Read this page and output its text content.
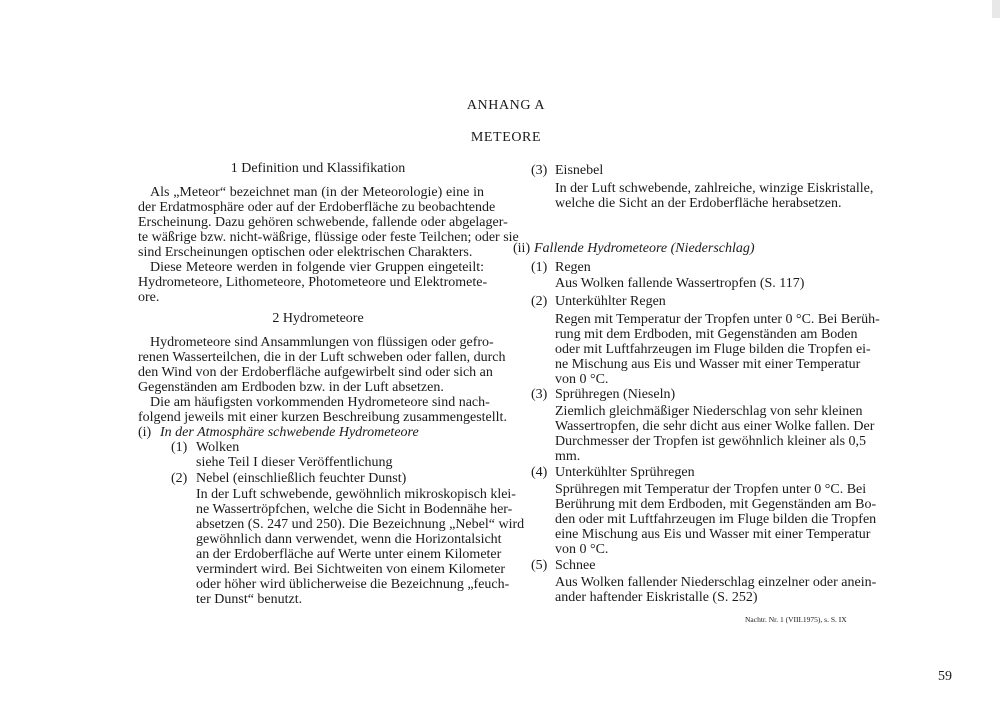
ANHANG A
METEORE
1 Definition und Klassifikation
Als „Meteor“ bezeichnet man (in der Meteorologie) eine in
der Erdatmosphäre oder auf der Erdoberfläche zu beobachtende
Erscheinung. Dazu gehören schwebende, fallende oder abgelager-
te wäßrige bzw. nicht-wäßrige, flüssige oder feste Teilchen; oder sie
sind Erscheinungen optischen oder elektrischen Charakters.
Diese Meteore werden in folgende vier Gruppen eingeteilt:
Hydrometeore, Lithometeore, Photometeore und Elektromete-
ore.
2 Hydrometeore
Hydrometeore sind Ansammlungen von flüssigen oder gefro-
renen Wasserteilchen, die in der Luft schweben oder fallen, durch
den Wind von der Erdoberfläche aufgewirbelt sind oder sich an
Gegenständen am Erdboden bzw. in der Luft absetzen.
Die am häufigsten vorkommenden Hydrometeore sind nach-
folgend jeweils mit einer kurzen Beschreibung zusammengestellt.
(i) In der Atmosphäre schwebende Hydrometeore
(1) Wolken
siehe Teil I dieser Veröffentlichung
(2) Nebel (einschließlich feuchter Dunst)
In der Luft schwebende, gewöhnlich mikroskopisch klei-
ne Wassertröpfchen, welche die Sicht in Bodennähe her-
absetzen (S. 247 und 250). Die Bezeichnung „Nebel“ wird
gewöhnlich dann verwendet, wenn die Horizontalsicht
an der Erdoberfläche auf Werte unter einem Kilometer
vermindert wird. Bei Sichtweiten von einem Kilometer
oder höher wird üblicherweise die Bezeichnung „feuch-
ter Dunst“ benutzt.
(3) Eisnebel
In der Luft schwebende, zahlreiche, winzige Eiskristalle,
welche die Sicht an der Erdoberfläche herabsetzen.
(ii) Fallende Hydrometeore (Niederschlag)
(1) Regen
Aus Wolken fallende Wassertropfen (S. 117)
(2) Unterkühlter Regen
Regen mit Temperatur der Tropfen unter 0 °C. Bei Berüh-
rung mit dem Erdboden, mit Gegenständen am Boden
oder mit Luftfahrzeugen im Fluge bilden die Tropfen ei-
ne Mischung aus Eis und Wasser mit einer Temperatur
von 0 °C.
(3) Sprühregen (Nieseln)
Ziemlich gleichmäßiger Niederschlag von sehr kleinen
Wassertropfen, die sehr dicht aus einer Wolke fallen. Der
Durchmesser der Tropfen ist gewöhnlich kleiner als 0,5
mm.
(4) Unterkühlter Sprühregen
Sprühregen mit Temperatur der Tropfen unter 0 °C. Bei
Berührung mit dem Erdboden, mit Gegenständen am Bo-
den oder mit Luftfahrzeugen im Fluge bilden die Tropfen
eine Mischung aus Eis und Wasser mit einer Temperatur
von 0 °C.
(5) Schnee
Aus Wolken fallender Niederschlag einzelner oder anein-
ander haftender Eiskristalle (S. 252)
Nachtr. Nr. 1 (VIII.1975), s. S. IX
59
